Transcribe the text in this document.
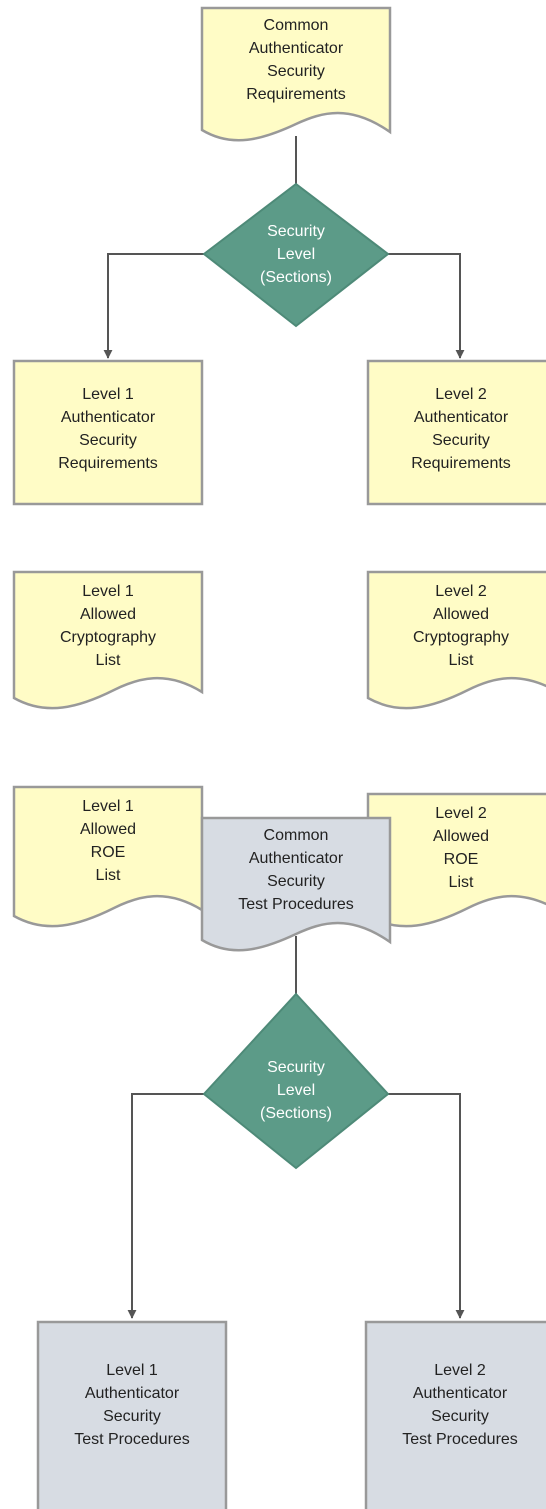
Common
Authenticator
Security
Requirements
Security
Level
(Sections)
Level 1
Authenticator
Security
Requirements
Level 2
Authenticator
Security
Requirements
Level 1
Allowed
Cryptography
List
Level 2
Allowed
Cryptography
List
Level 1
Allowed
ROE
List
Level 2
Allowed
ROE
List
Common
Authenticator
Security
Test Procedures
Security
Level
(Sections)
Level 1
Authenticator
Security
Test Procedures
Level 2
Authenticator
Security
Test Procedures
